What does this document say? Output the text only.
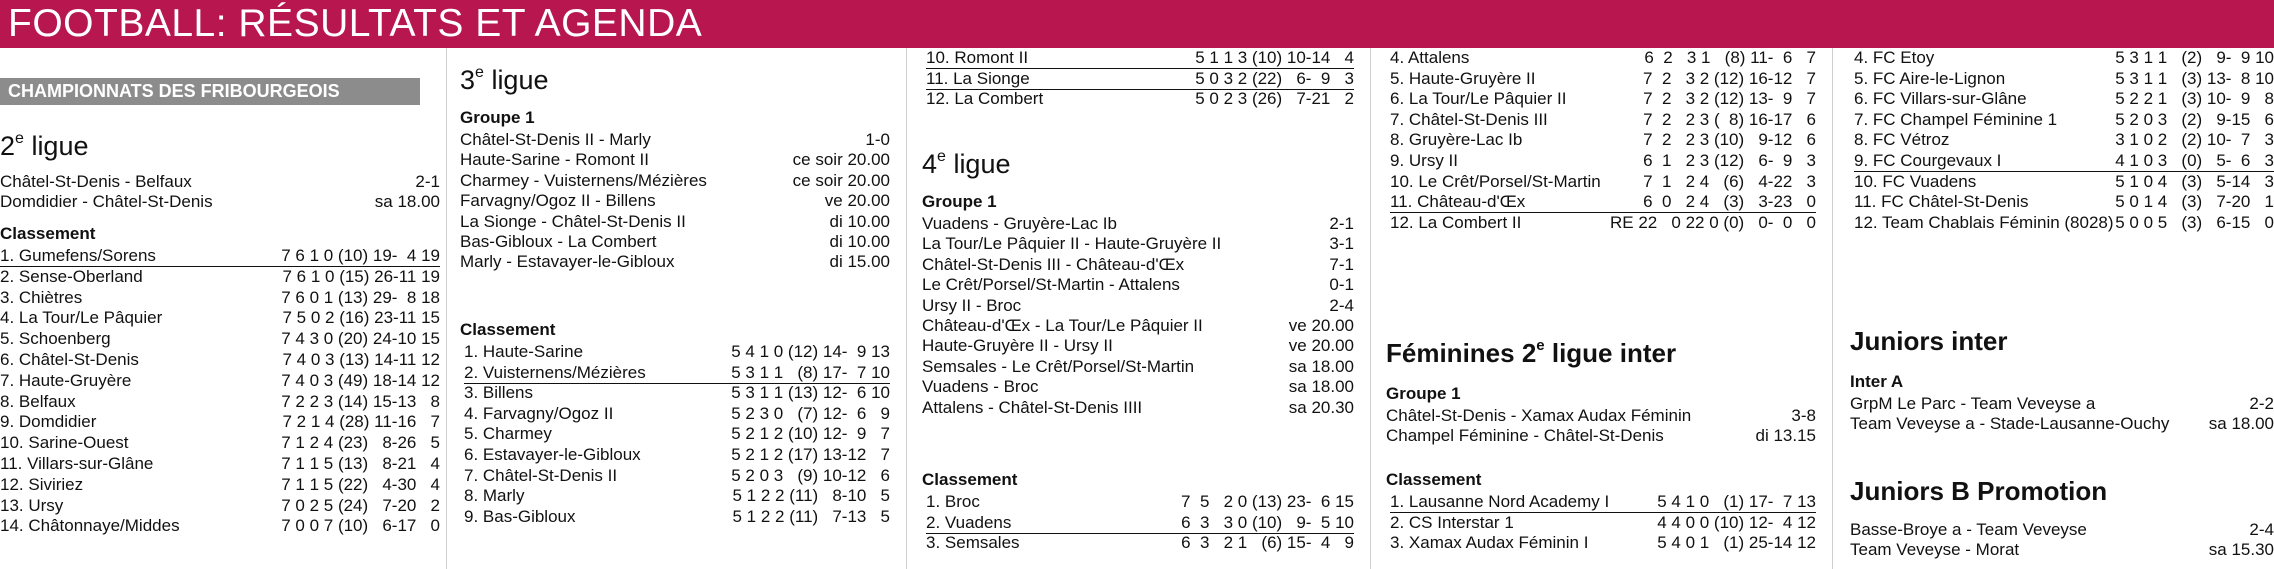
FOOTBALL: RÉSULTATS ET AGENDA
CHAMPIONNATS DES FRIBOURGEOIS
2e ligue
Châtel-St-Denis - Belfaux	2-1
Domdidier - Châtel-St-Denis	sa 18.00
Classement
1. Gumefens/Sorens	7 6 1 0 (10) 19-  4 19
2. Sense-Oberland	7 6 1 0 (15) 26-11 19
3. Chiètres	7 6 0 1 (13) 29-  8 18
4. La Tour/Le Pâquier	7 5 0 2 (16) 23-11 15
5. Schoenberg	7 4 3 0 (20) 24-10 15
6. Châtel-St-Denis	7 4 0 3 (13) 14-11 12
7. Haute-Gruyère	7 4 0 3 (49) 18-14 12
8. Belfaux	7 2 2 3 (14) 15-13   8
9. Domdidier	7 2 1 4 (28) 11-16   7
10. Sarine-Ouest	7 1 2 4 (23)   8-26   5
11. Villars-sur-Glâne	7 1 1 5 (13)   8-21   4
12. Siviriez	7 1 1 5 (22)   4-30   4
13. Ursy	7 0 2 5 (24)   7-20   2
14. Châtonnaye/Middes	7 0 0 7 (10)   6-17   0
3e ligue
Groupe 1
Châtel-St-Denis II - Marly	1-0
Haute-Sarine - Romont II	ce soir 20.00
Charmey - Vuisternens/Mézières	ce soir 20.00
Farvagny/Ogoz II - Billens	ve 20.00
La Sionge - Châtel-St-Denis II	di 10.00
Bas-Gibloux - La Combert	di 10.00
Marly - Estavayer-le-Gibloux	di 15.00
Classement
1. Haute-Sarine	5 4 1 0 (12) 14-  9 13
2. Vuisternens/Mézières	5 3 1 1   (8) 17-  7 10
3. Billens	5 3 1 1 (13) 12-  6 10
4. Farvagny/Ogoz II	5 2 3 0   (7) 12-  6   9
5. Charmey	5 2 1 2 (10) 12-  9   7
6. Estavayer-le-Gibloux	5 2 1 2 (17) 13-12   7
7. Châtel-St-Denis II	5 2 0 3   (9) 10-12   6
8. Marly	5 1 2 2 (11)   8-10   5
9. Bas-Gibloux	5 1 2 2 (11)   7-13   5
10. Romont II	5 1 1 3 (10) 10-14   4
11. La Sionge	5 0 3 2 (22)   6-  9   3
12. La Combert	5 0 2 3 (26)   7-21   2
4e ligue
Groupe 1
Vuadens - Gruyère-Lac Ib	2-1
La Tour/Le Pâquier II - Haute-Gruyère II	3-1
Châtel-St-Denis III - Château-d'Œx	7-1
Le Crêt/Porsel/St-Martin - Attalens	0-1
Ursy II - Broc	2-4
Château-d'Œx - La Tour/Le Pâquier II	ve 20.00
Haute-Gruyère II - Ursy II	ve 20.00
Semsales - Le Crêt/Porsel/St-Martin	sa 18.00
Vuadens - Broc	sa 18.00
Attalens - Châtel-St-Denis IIII	sa 20.30
Classement
1. Broc	7  5   2 0 (13) 23-  6 15
2. Vuadens	6  3   3 0 (10)   9-  5 10
3. Semsales	6  3   2 1   (6) 15-  4   9
4. Attalens	6  2   3 1   (8) 11-  6   7
5. Haute-Gruyère II	7  2   3 2 (12) 16-12   7
6. La Tour/Le Pâquier II	7  2   3 2 (12) 13-  9   7
7. Châtel-St-Denis III	7  2   2 3 (  8) 16-17   6
8. Gruyère-Lac Ib	7  2   2 3 (10)   9-12   6
9. Ursy II	6  1   2 3 (12)   6-  9   3
10. Le Crêt/Porsel/St-Martin 7  1   2 4   (6)   4-22   3
11. Château-d'Œx	6  0   2 4   (3)   3-23   0
12. La Combert II	RE 22   0 22 0 (0)   0-  0   0
Féminines 2e ligue inter
Groupe 1
Châtel-St-Denis - Xamax Audax Féminin	3-8
Champel Féminine - Châtel-St-Denis	di 13.15
Classement
1. Lausanne Nord Academy I	5 4 1 0   (1) 17-  7 13
2. CS Interstar 1	4 4 0 0 (10) 12-  4 12
3. Xamax Audax Féminin I	5 4 0 1   (1) 25-14 12
4. FC Etoy	5 3 1 1   (2)   9-  9 10
5. FC Aire-le-Lignon	5 3 1 1   (3) 13-  8 10
6. FC Villars-sur-Glâne	5 2 2 1   (3) 10-  9   8
7. FC Champel Féminine 1	5 2 0 3   (2)   9-15   6
8. FC Vétroz	3 1 0 2   (2) 10-  7   3
9. FC Courgevaux I	4 1 0 3   (0)   5-  6   3
10. FC Vuadens	5 1 0 4   (3)   5-14   3
11. FC Châtel-St-Denis	5 0 1 4   (3)   7-20   1
12. Team Chablais Féminin (8028) 5 0 0 5   (3)   6-15   0
Juniors inter
Inter A
GrpM Le Parc - Team Veveyse a	2-2
Team Veveyse a - Stade-Lausanne-Ouchy sa 18.00
Juniors B Promotion
Basse-Broye a - Team Veveyse	2-4
Team Veveyse - Morat	sa 15.30
